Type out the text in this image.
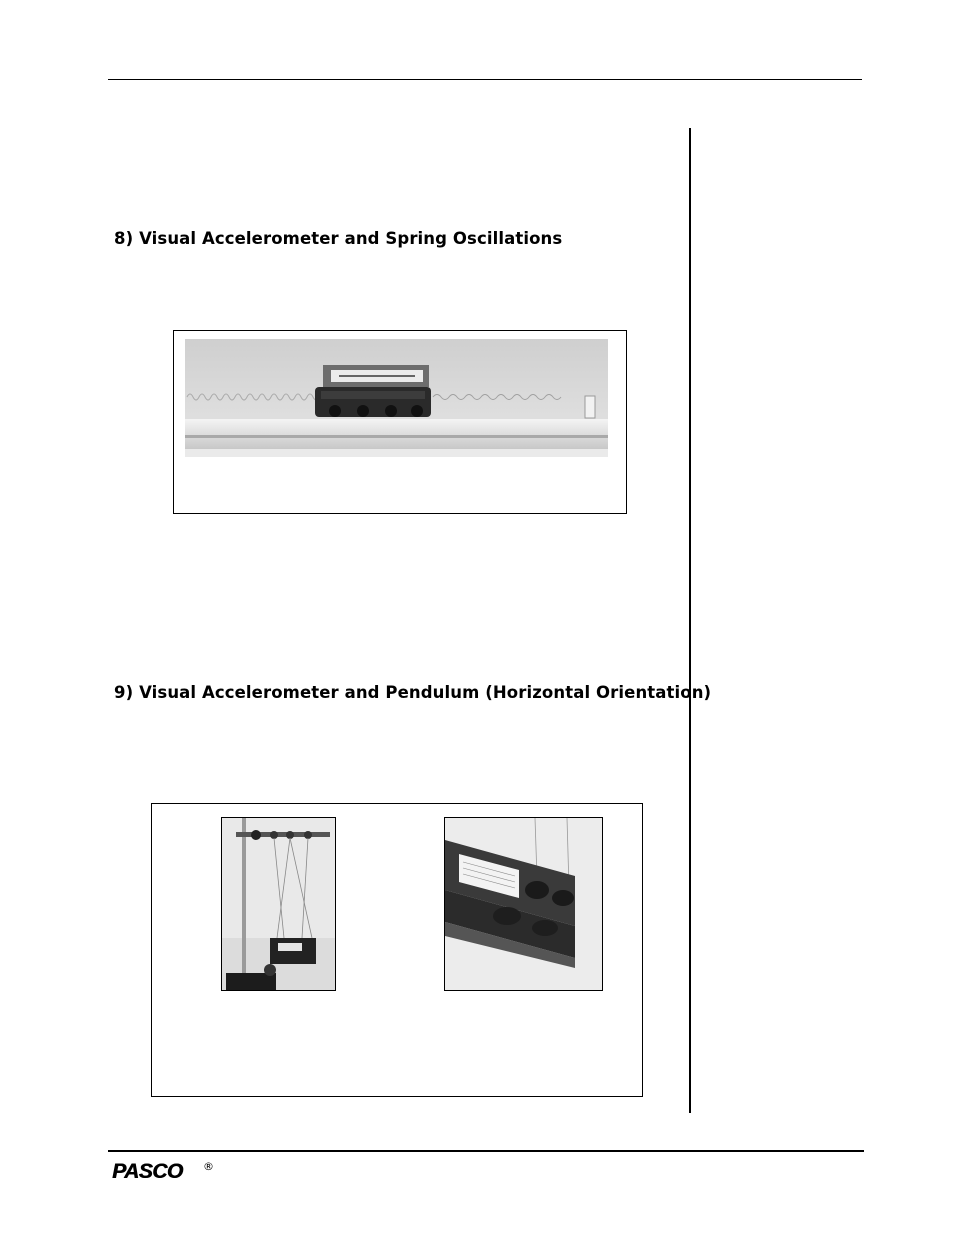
8) Visual Accelerometer and Spring Oscillations
9) Visual Accelerometer and Pendulum (Horizontal Orientation)
PASCO ®
